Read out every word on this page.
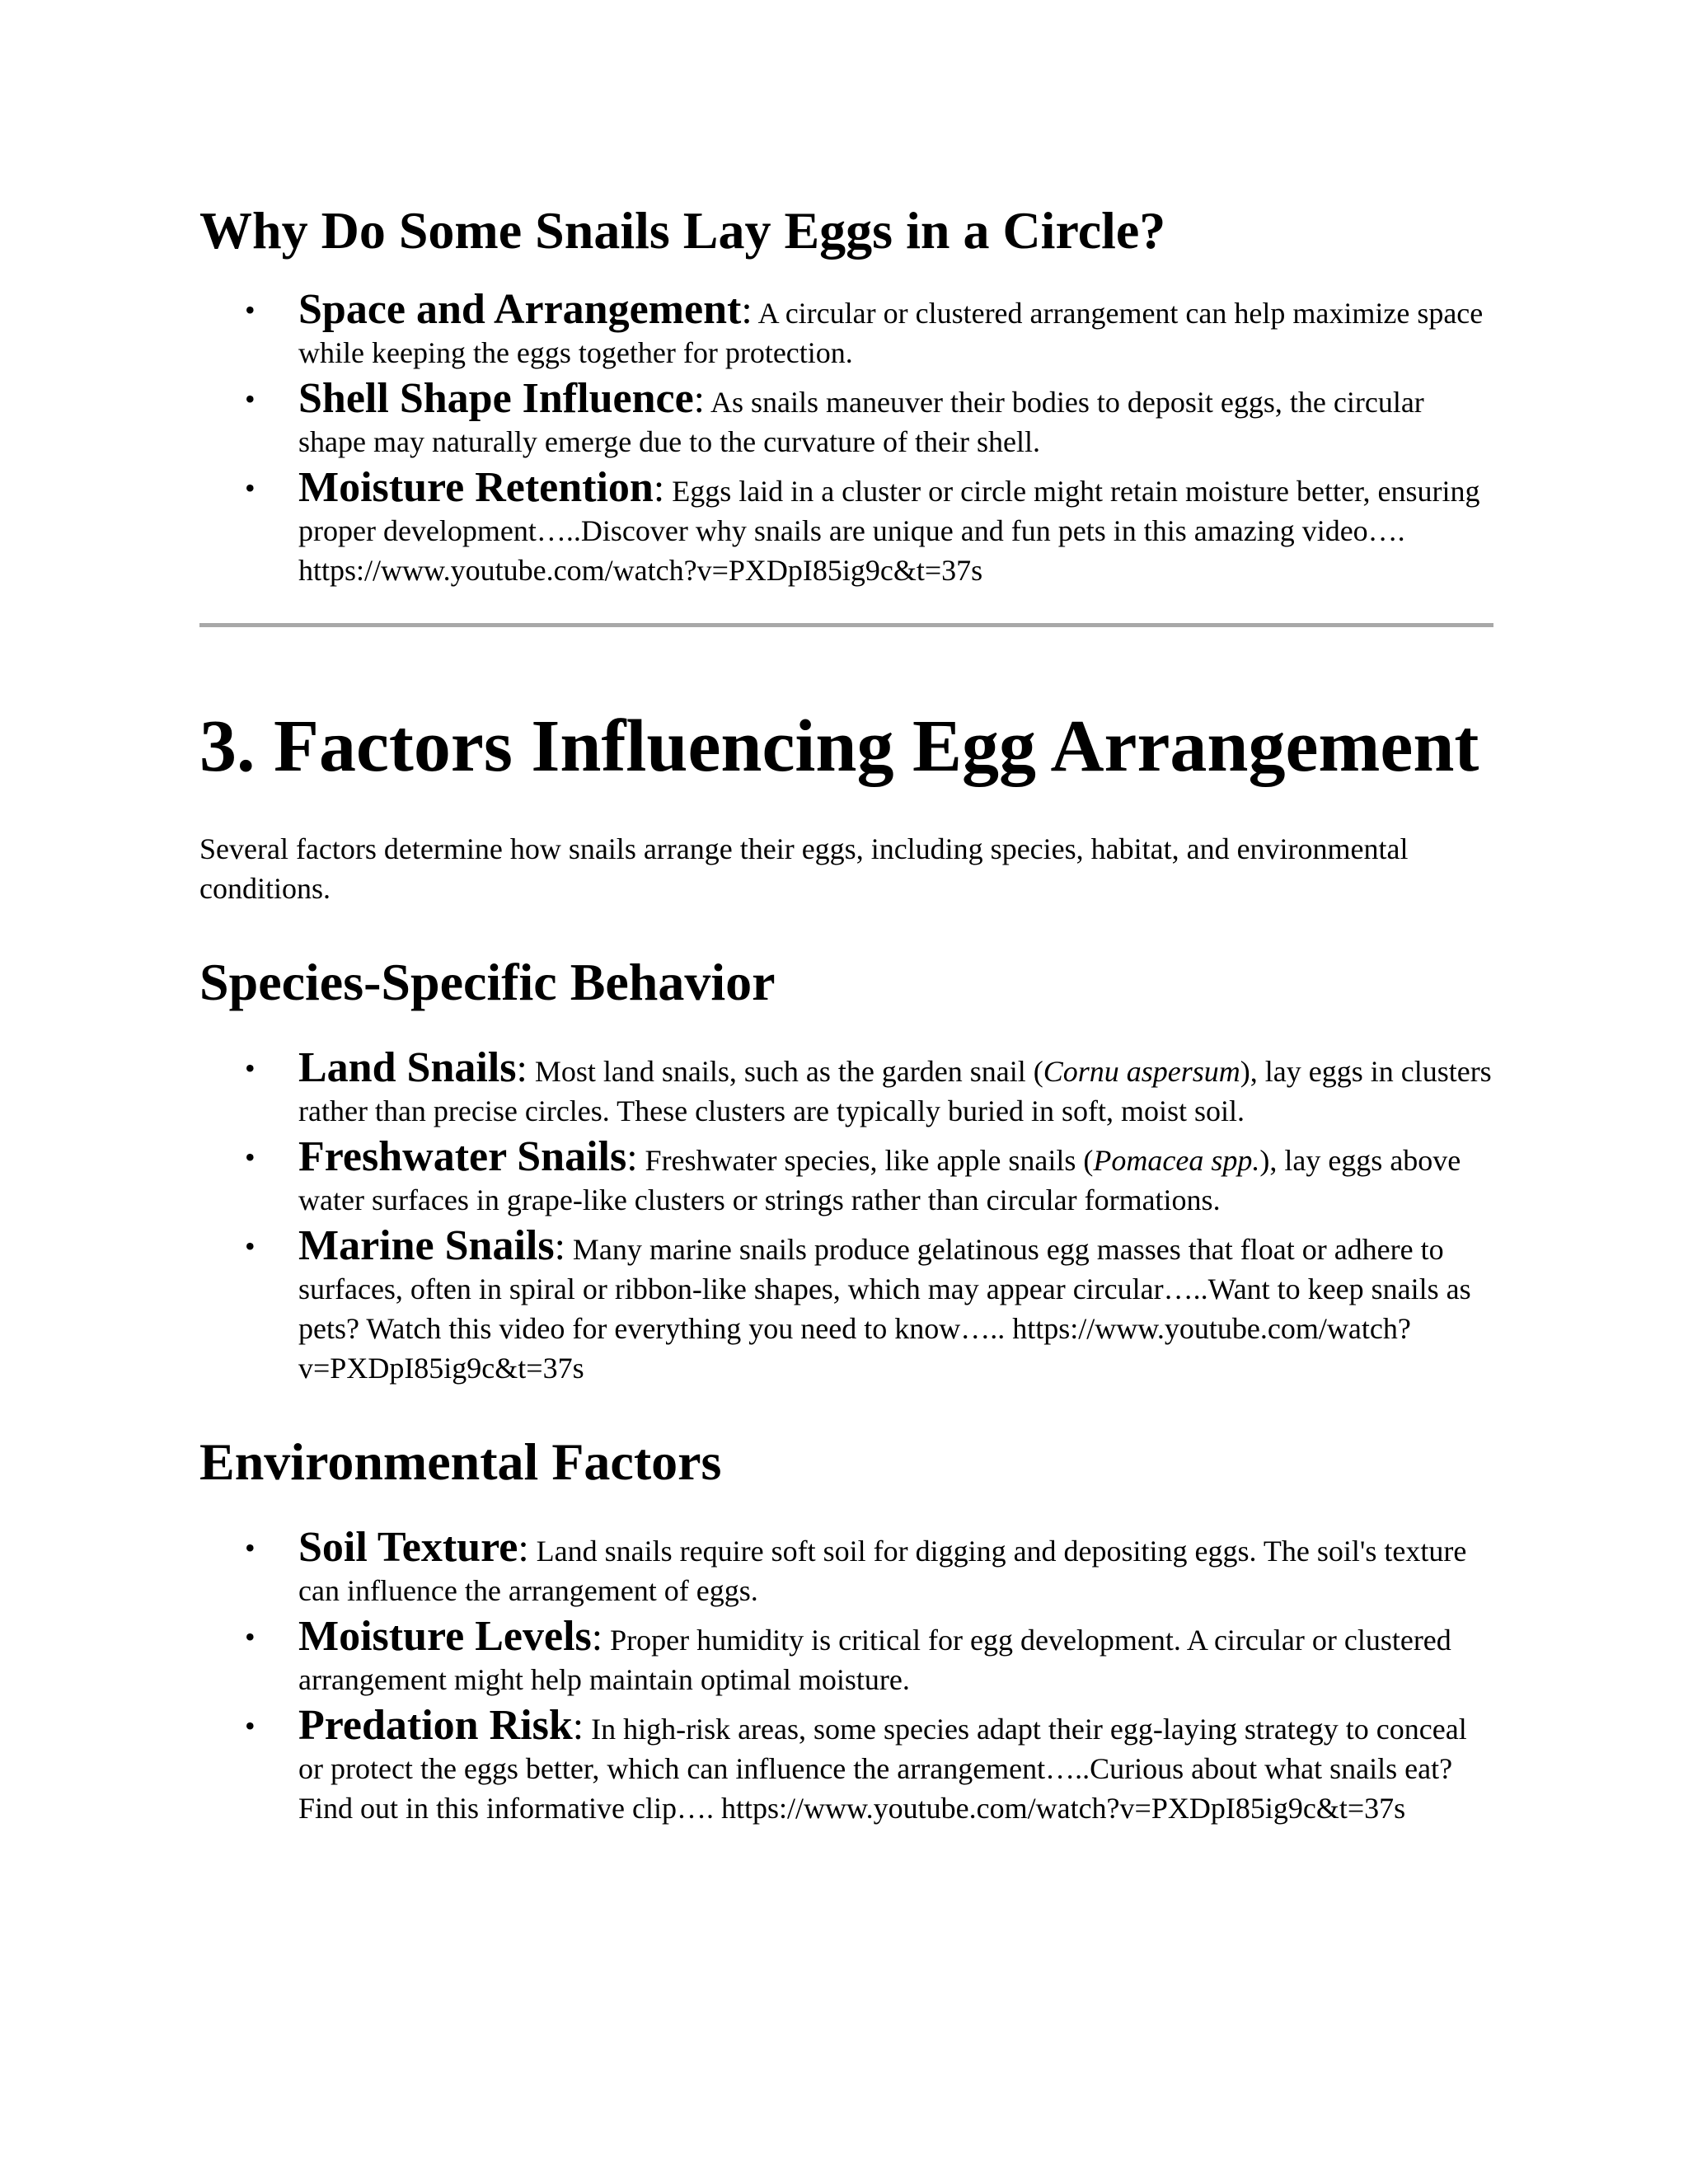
Why Do Some Snails Lay Eggs in a Circle?
• Space and Arrangement: A circular or clustered arrangement can help maximize space while keeping the eggs together for protection.
• Shell Shape Influence: As snails maneuver their bodies to deposit eggs, the circular shape may naturally emerge due to the curvature of their shell.
• Moisture Retention: Eggs laid in a cluster or circle might retain moisture better, ensuring proper development…..Discover why snails are unique and fun pets in this amazing video…. https://www.youtube.com/watch?v=PXDpI85ig9c&t=37s
3. Factors Influencing Egg Arrangement

Several factors determine how snails arrange their eggs, including species, habitat, and environmental conditions.

Species-Specific Behavior
• Land Snails: Most land snails, such as the garden snail (Cornu aspersum), lay eggs in clusters rather than precise circles. These clusters are typically buried in soft, moist soil.
• Freshwater Snails: Freshwater species, like apple snails (Pomacea spp.), lay eggs above water surfaces in grape-like clusters or strings rather than circular formations.
• Marine Snails: Many marine snails produce gelatinous egg masses that float or adhere to surfaces, often in spiral or ribbon-like shapes, which may appear circular…..Want to keep snails as pets? Watch this video for everything you need to know….. https://www.youtube.com/watch?v=PXDpI85ig9c&t=37s
Environmental Factors
• Soil Texture: Land snails require soft soil for digging and depositing eggs. The soil's texture can influence the arrangement of eggs.
• Moisture Levels: Proper humidity is critical for egg development. A circular or clustered arrangement might help maintain optimal moisture.
• Predation Risk: In high-risk areas, some species adapt their egg-laying strategy to conceal or protect the eggs better, which can influence the arrangement…..Curious about what snails eat? Find out in this informative clip…. https://www.youtube.com/watch?v=PXDpI85ig9c&t=37s
